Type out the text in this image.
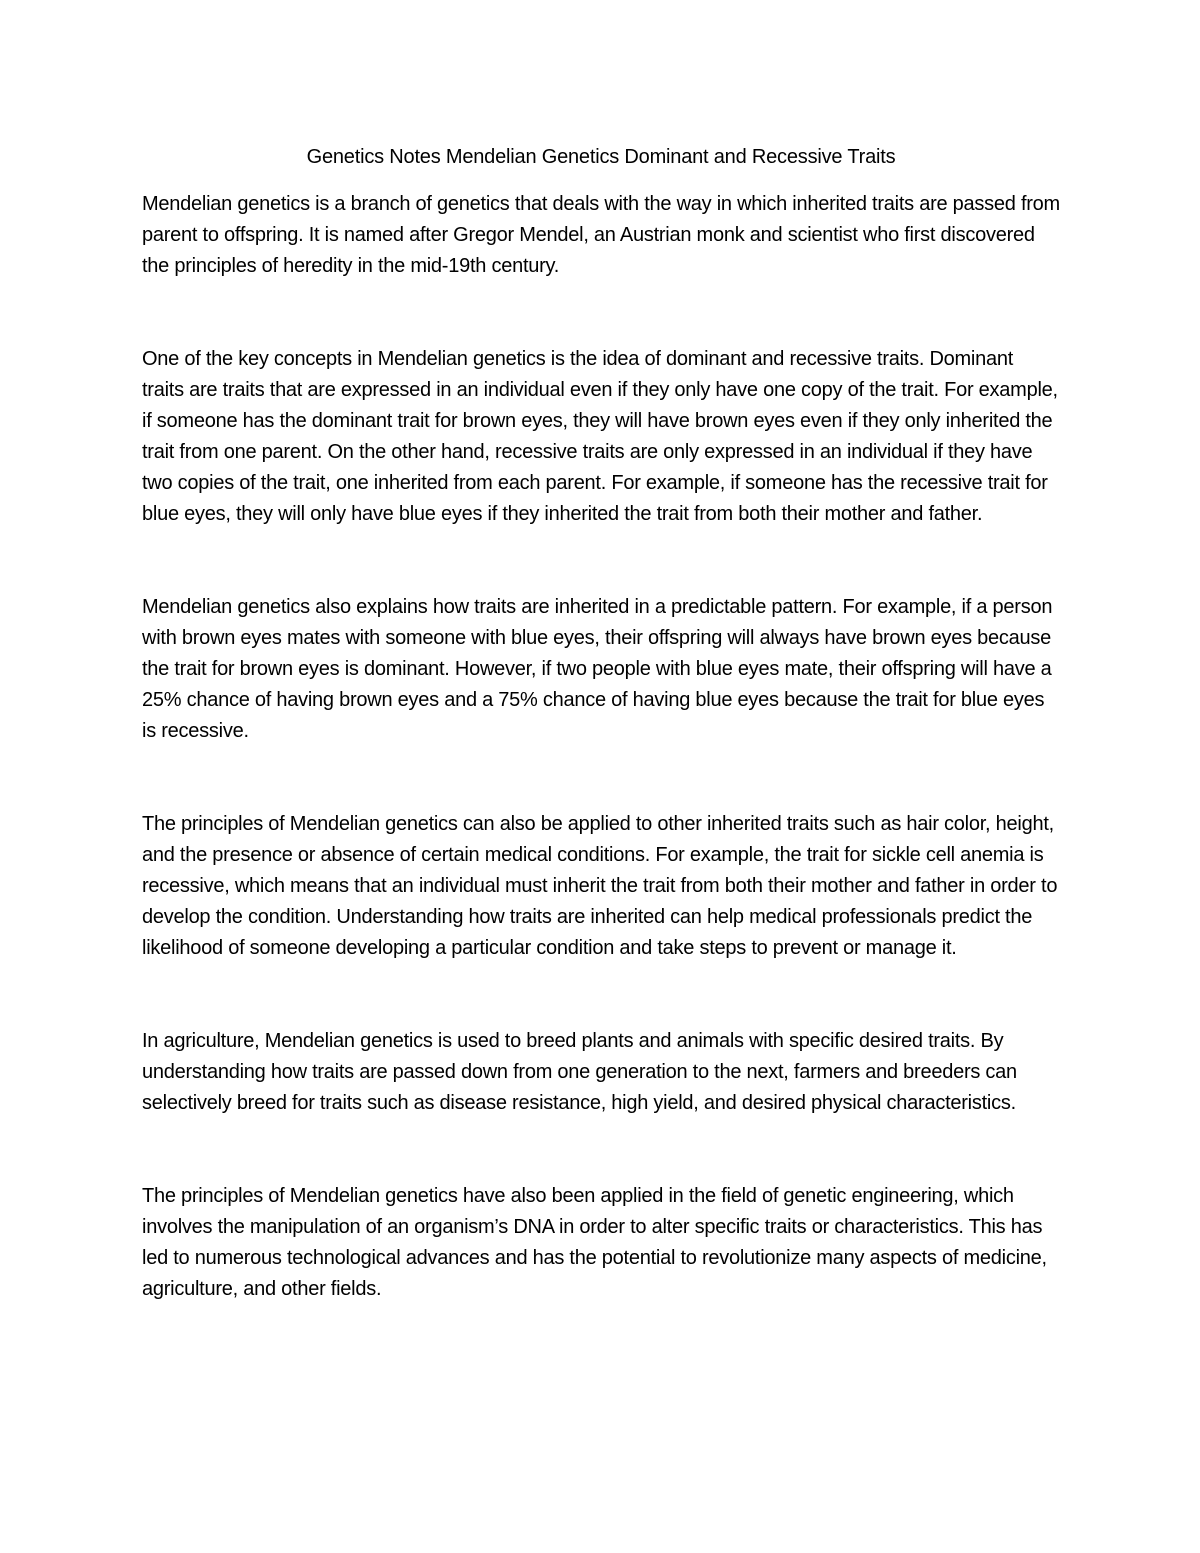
Genetics Notes Mendelian Genetics Dominant and Recessive Traits

Mendelian genetics is a branch of genetics that deals with the way in which inherited traits are passed from parent to offspring. It is named after Gregor Mendel, an Austrian monk and scientist who first discovered the principles of heredity in the mid-19th century.

One of the key concepts in Mendelian genetics is the idea of dominant and recessive traits. Dominant traits are traits that are expressed in an individual even if they only have one copy of the trait. For example, if someone has the dominant trait for brown eyes, they will have brown eyes even if they only inherited the trait from one parent. On the other hand, recessive traits are only expressed in an individual if they have two copies of the trait, one inherited from each parent. For example, if someone has the recessive trait for blue eyes, they will only have blue eyes if they inherited the trait from both their mother and father.

Mendelian genetics also explains how traits are inherited in a predictable pattern. For example, if a person with brown eyes mates with someone with blue eyes, their offspring will always have brown eyes because the trait for brown eyes is dominant. However, if two people with blue eyes mate, their offspring will have a 25% chance of having brown eyes and a 75% chance of having blue eyes because the trait for blue eyes is recessive.

The principles of Mendelian genetics can also be applied to other inherited traits such as hair color, height, and the presence or absence of certain medical conditions. For example, the trait for sickle cell anemia is recessive, which means that an individual must inherit the trait from both their mother and father in order to develop the condition. Understanding how traits are inherited can help medical professionals predict the likelihood of someone developing a particular condition and take steps to prevent or manage it.

In agriculture, Mendelian genetics is used to breed plants and animals with specific desired traits. By understanding how traits are passed down from one generation to the next, farmers and breeders can selectively breed for traits such as disease resistance, high yield, and desired physical characteristics.

The principles of Mendelian genetics have also been applied in the field of genetic engineering, which involves the manipulation of an organism’s DNA in order to alter specific traits or characteristics. This has led to numerous technological advances and has the potential to revolutionize many aspects of medicine, agriculture, and other fields.
